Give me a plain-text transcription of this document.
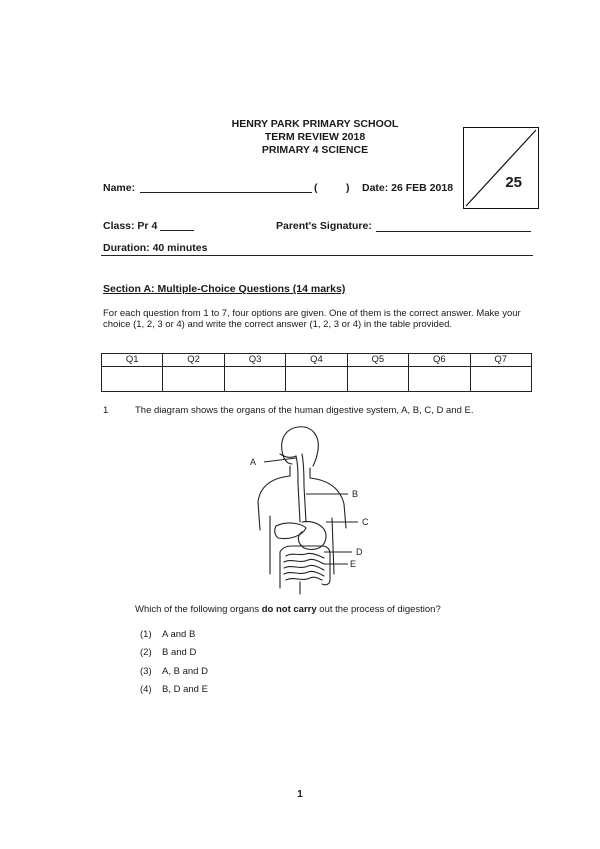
HENRY PARK PRIMARY SCHOOL
TERM REVIEW 2018
PRIMARY 4 SCIENCE
25
Name:	(	) Date: 26 FEB 2018
Class: Pr 4	Parent's Signature:
Duration: 40 minutes
Section A: Multiple-Choice Questions (14 marks)
For each question from 1 to 7, four options are given. One of them is the correct answer. Make your choice (1, 2, 3 or 4) and write the correct answer (1, 2, 3 or 4) in the table provided.
Q1	Q2	Q3	Q4	Q5	Q6	Q7

1	The diagram shows the organs of the human digestive system, A, B, C, D and E.
A
B
C
D
E
Which of the following organs do not carry out the process of digestion?
(1) A and B
(2) B and D
(3) A, B and D
(4) B, D and E
1
